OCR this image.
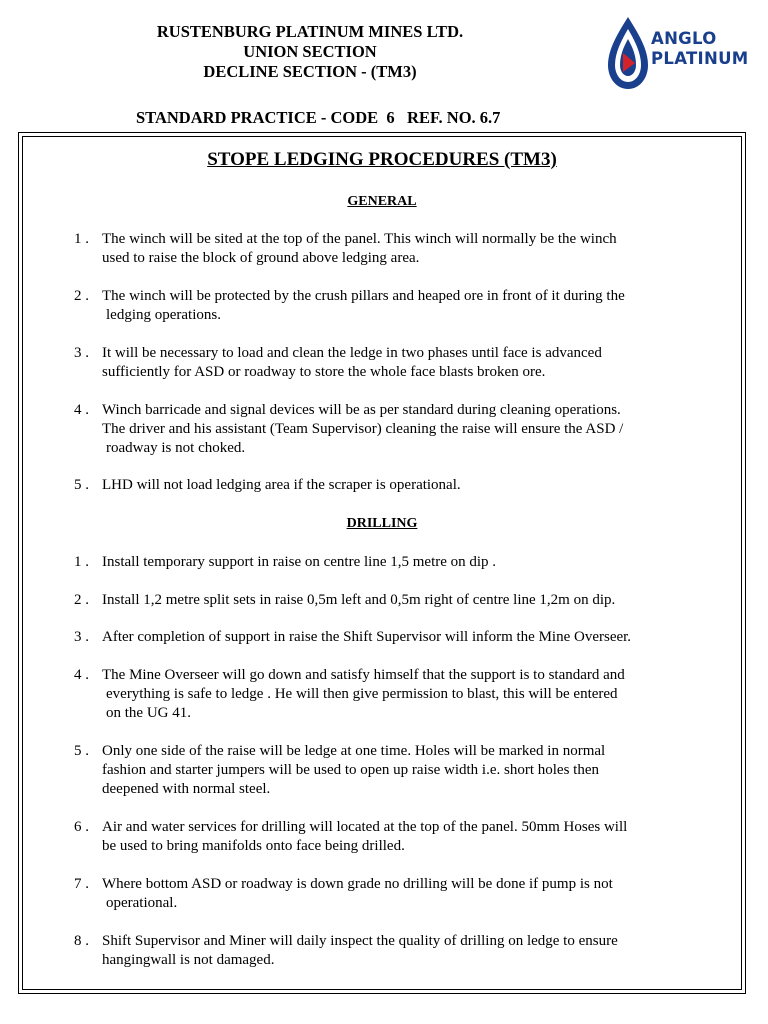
RUSTENBURG PLATINUM MINES LTD.
UNION SECTION
DECLINE SECTION - (TM3)
STANDARD PRACTICE - CODE  6   REF. NO. 6.7
ANGLO
PLATINUM
STOPE LEDGING PROCEDURES (TM3)
GENERAL
1 . The winch will be sited at the top of the panel. This winch will normally be the winch
used to raise the block of ground above ledging area.
2 . The winch will be protected by the crush pillars and heaped ore in front of it during the
ledging operations.
3 . It will be necessary to load and clean the ledge in two phases until face is advanced
sufficiently for ASD or roadway to store the whole face blasts broken ore.
4 . Winch barricade and signal devices will be as per standard during cleaning operations.
The driver and his assistant (Team Supervisor) cleaning the raise will ensure the ASD /
roadway is not choked.
5 . LHD will not load ledging area if the scraper is operational.
DRILLING
1 . Install temporary support in raise on centre line 1,5 metre on dip .
2 . Install 1,2 metre split sets in raise 0,5m left and 0,5m right of centre line 1,2m on dip.
3 . After completion of support in raise the Shift Supervisor will inform the Mine Overseer.
4 . The Mine Overseer will go down and satisfy himself that the support is to standard and
everything is safe to ledge . He will then give permission to blast, this will be entered
on the UG 41.
5 . Only one side of the raise will be ledge at one time. Holes will be marked in normal
fashion and starter jumpers will be used to open up raise width i.e. short holes then
deepened with normal steel.
6 . Air and water services for drilling will located at the top of the panel. 50mm Hoses will
be used to bring manifolds onto face being drilled.
7 . Where bottom ASD or roadway is down grade no drilling will be done if pump is not
operational.
8 . Shift Supervisor and Miner will daily inspect the quality of drilling on ledge to ensure
hangingwall is not damaged.
